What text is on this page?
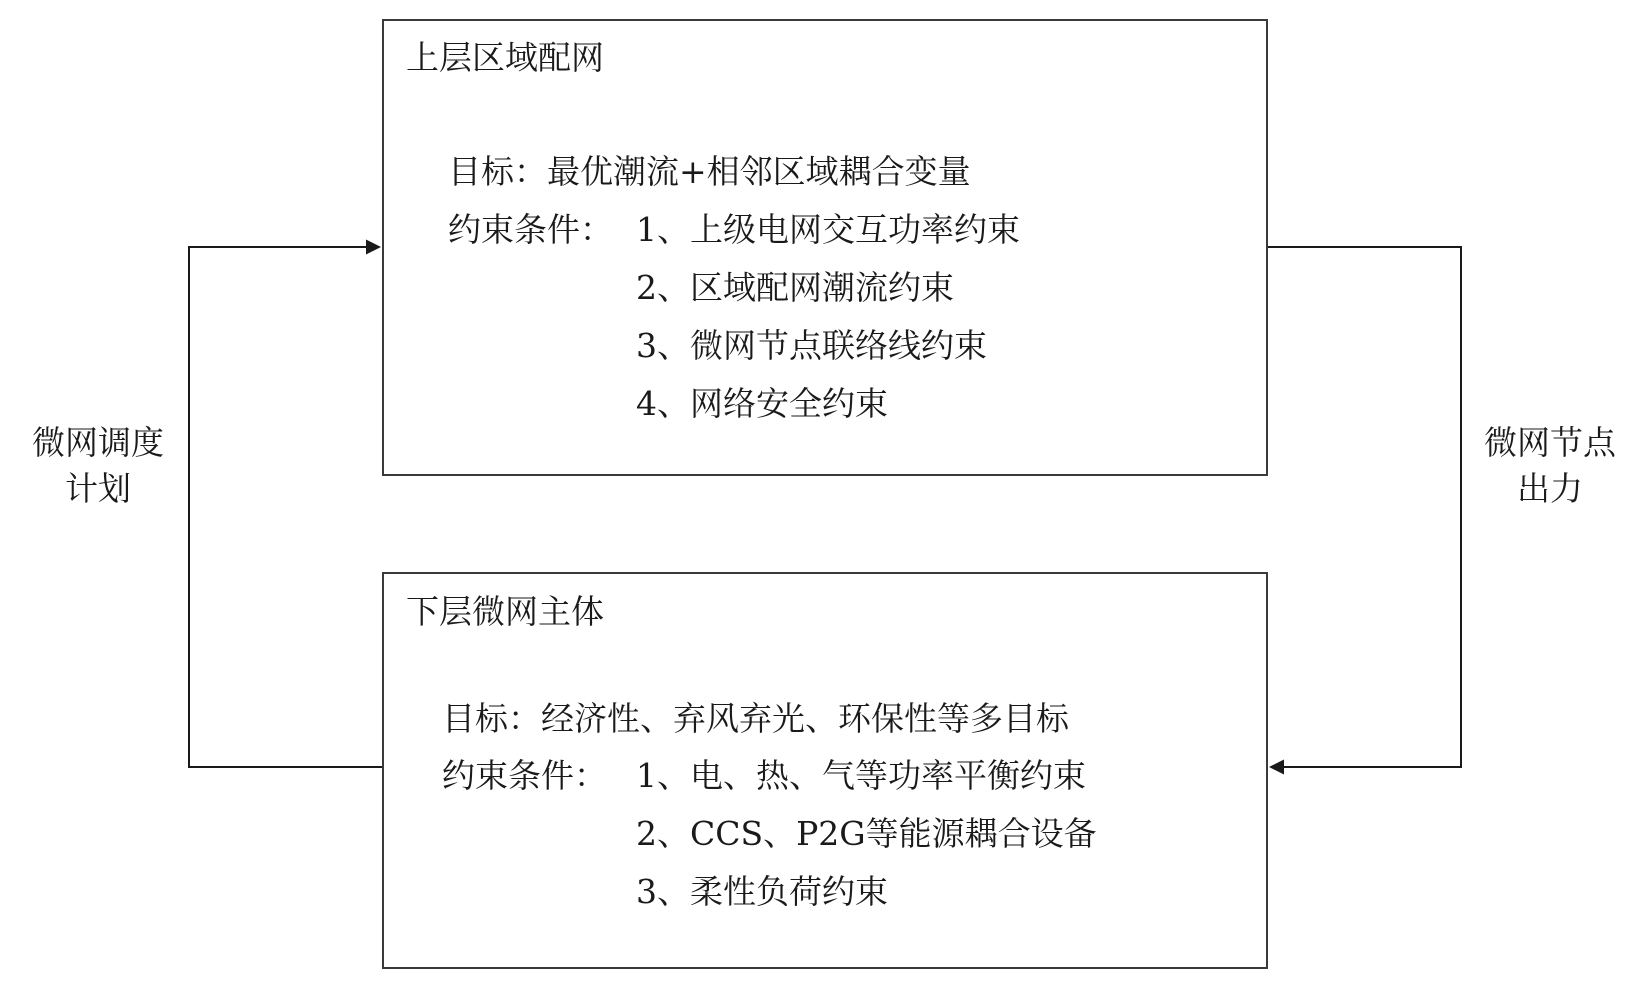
上层区域配网
目标：最优潮流+相邻区域耦合变量
约束条件： 1、上级电网交互功率约束
2、区域配网潮流约束
3、微网节点联络线约束
4、网络安全约束
下层微网主体
目标：经济性、弃风弃光、环保性等多目标
约束条件： 1、电、热、气等功率平衡约束
2、CCS、P2G等能源耦合设备
3、柔性负荷约束
微网调度
计划
微网节点
出力
